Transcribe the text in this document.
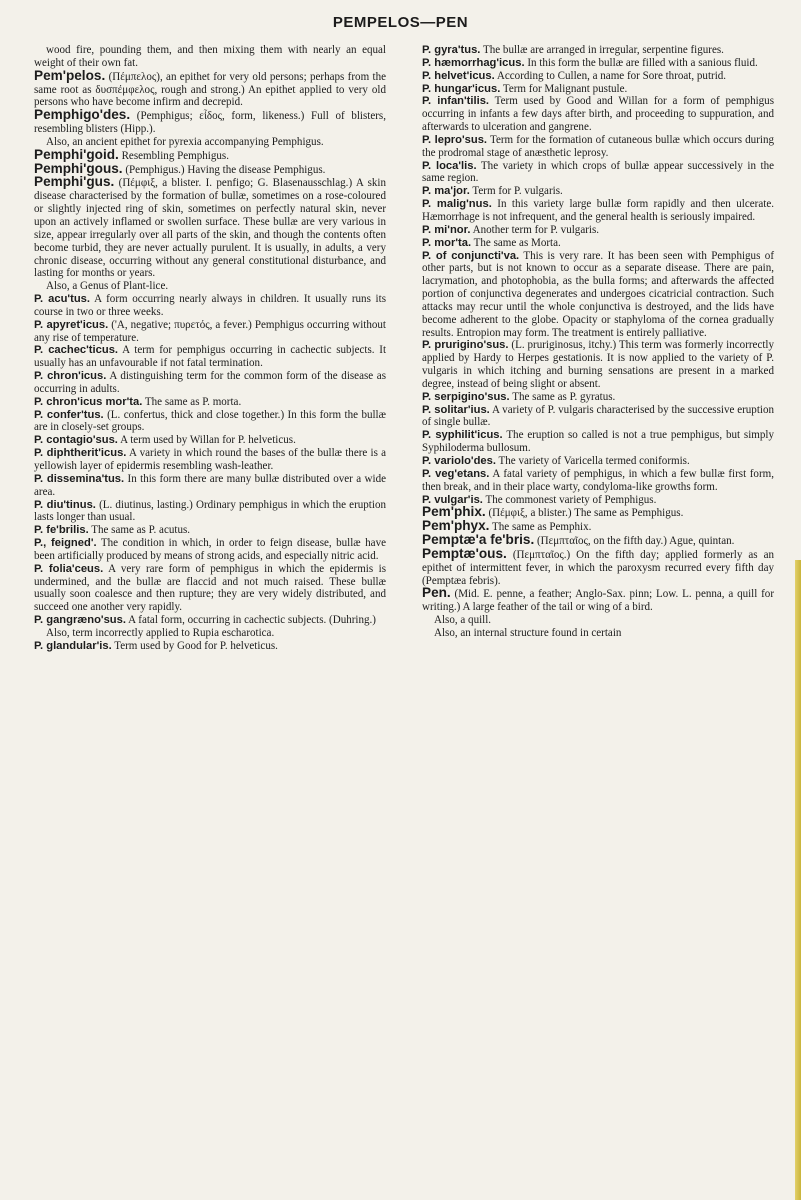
PEMPELOS—PEN

wood fire, pounding them, and then mixing them with nearly an equal weight of their own fat.

Pem'pelos. (Πέμπελος), an epithet for very old persons; perhaps from the same root as δυσπέμφελος, rough and strong.) An epithet applied to very old persons who have become infirm and decrepid.

Pemphigo'des. (Pemphigus; εἶδος, form, likeness.) Full of blisters, resembling blisters (Hipp.).

Also, an ancient epithet for pyrexia accompanying Pemphigus.

Pemphi'goid. Resembling Pemphigus.

Pemphi'gous. (Pemphigus.) Having the disease Pemphigus.

Pemphi'gus. (Πέμφιξ, a blister. I. penfigo; G. Blasenausschlag.) A skin disease characterised by the formation of bullæ, sometimes on a rose-coloured or slightly injected ring of skin, sometimes on perfectly natural skin, never upon an actively inflamed or swollen surface. These bullæ are very various in size, appear irregularly over all parts of the skin, and though the contents often become turbid, they are never actually purulent. It is usually, in adults, a very chronic disease, occurring without any general constitutional disturbance, and lasting for months or years.

Also, a Genus of Plant-lice.

P. acu'tus. A form occurring nearly always in children. It usually runs its course in two or three weeks.

P. apyret'icus. ('A, negative; πυρετός, a fever.) Pemphigus occurring without any rise of temperature.

P. cachec'ticus. A term for pemphigus occurring in cachectic subjects. It usually has an unfavourable if not fatal termination.

P. chron'icus. A distinguishing term for the common form of the disease as occurring in adults.

P. chron'icus mor'ta. The same as P. morta.

P. confer'tus. (L. confertus, thick and close together.) In this form the bullæ are in closely-set groups.

P. contagio'sus. A term used by Willan for P. helveticus.

P. diphtherit'icus. A variety in which round the bases of the bullæ there is a yellowish layer of epidermis resembling wash-leather.

P. dissemina'tus. In this form there are many bullæ distributed over a wide area.

P. diu'tinus. (L. diutinus, lasting.) Ordinary pemphigus in which the eruption lasts longer than usual.

P. fe'brilis. The same as P. acutus.

P., feigned'. The condition in which, in order to feign disease, bullæ have been artificially produced by means of strong acids, and especially nitric acid.

P. folia'ceus. A very rare form of pemphigus in which the epidermis is undermined, and the bullæ are flaccid and not much raised. These bullæ usually soon coalesce and then rupture; they are very widely distributed, and succeed one another very rapidly.

P. gangræno'sus. A fatal form, occurring in cachectic subjects. (Duhring.)

Also, term incorrectly applied to Rupia escharotica.

P. glandular'is. Term used by Good for P. helveticus.

P. gyra'tus. The bullæ are arranged in irregular, serpentine figures.

P. hæmorrhag'icus. In this form the bullæ are filled with a sanious fluid.

P. helvet'icus. According to Cullen, a name for Sore throat, putrid.

P. hungar'icus. Term for Malignant pustule.

P. infan'tilis. Term used by Good and Willan for a form of pemphigus occurring in infants a few days after birth, and proceeding to suppuration, and afterwards to ulceration and gangrene.

P. lepro'sus. Term for the formation of cutaneous bullæ which occurs during the prodromal stage of anæsthetic leprosy.

P. loca'lis. The variety in which crops of bullæ appear successively in the same region.

P. ma'jor. Term for P. vulgaris.

P. malig'nus. In this variety large bullæ form rapidly and then ulcerate. Hæmorrhage is not infrequent, and the general health is seriously impaired.

P. mi'nor. Another term for P. vulgaris.

P. mor'ta. The same as Morta.

P. of conjuncti'va. This is very rare. It has been seen with Pemphigus of other parts, but is not known to occur as a separate disease. There are pain, lacrymation, and photophobia, as the bulla forms; and afterwards the affected portion of conjunctiva degenerates and undergoes cicatricial contraction. Such attacks may recur until the whole conjunctiva is destroyed, and the lids have become adherent to the globe. Opacity or staphyloma of the cornea gradually results. Entropion may form. The treatment is entirely palliative.

P. prurigino'sus. (L. pruriginosus, itchy.) This term was formerly incorrectly applied by Hardy to Herpes gestationis. It is now applied to the variety of P. vulgaris in which itching and burning sensations are present in a marked degree, instead of being slight or absent.

P. serpigino'sus. The same as P. gyratus.

P. solitar'ius. A variety of P. vulgaris characterised by the successive eruption of single bullæ.

P. syphilit'icus. The eruption so called is not a true pemphigus, but simply Syphiloderma bullosum.

P. variolo'des. The variety of Varicella termed coniformis.

P. veg'etans. A fatal variety of pemphigus, in which a few bullæ first form, then break, and in their place warty, condyloma-like growths form.

P. vulgar'is. The commonest variety of Pemphigus.

Pem'phix. (Πέμφιξ, a blister.) The same as Pemphigus.

Pem'phyx. The same as Pemphix.

Pemptæ'a fe'bris. (Πεμπταῖος, on the fifth day.) Ague, quintan.

Pemptæ'ous. (Πεμπταῖος.) On the fifth day; applied formerly as an epithet of intermittent fever, in which the paroxysm recurred every fifth day (Pemptæa febris).

Pen. (Mid. E. penne, a feather; Anglo-Sax. pinn; Low. L. penna, a quill for writing.) A large feather of the tail or wing of a bird.

Also, a quill.

Also, an internal structure found in certain
